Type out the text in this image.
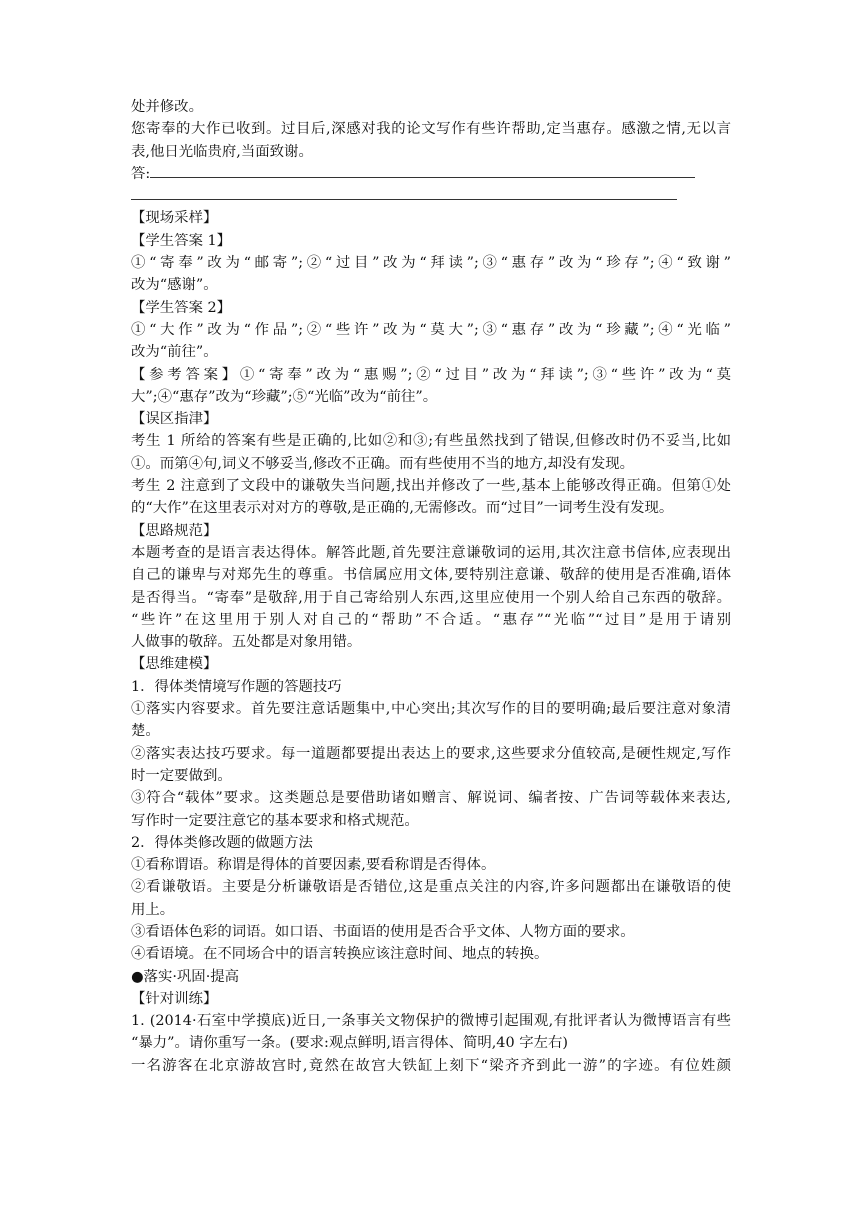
处并修改。
您寄奉的大作已收到。过目后,深感对我的论文写作有些许帮助,定当惠存。感激之情,无以言
表,他日光临贵府,当面致谢。
答:
【现场采样】
【学生答案 1】
①“寄奉”改为“邮寄”;②“过目”改为“拜读”;③“惠存”改为“珍存”;④“致谢”
改为“感谢”。
【学生答案 2】
①“大作”改为“作品”;②“些许”改为“莫大”;③“惠存”改为“珍藏”;④“光临”
改为“前往”。
【参考答案】①“寄奉”改为“惠赐”;②“过目”改为“拜读”;③“些许”改为“莫
大”;④“惠存”改为“珍藏”;⑤“光临”改为“前往”。
【误区指津】
考生 1 所给的答案有些是正确的,比如②和③;有些虽然找到了错误,但修改时仍不妥当,比如
①。而第④句,词义不够妥当,修改不正确。而有些使用不当的地方,却没有发现。
考生 2 注意到了文段中的谦敬失当问题,找出并修改了一些,基本上能够改得正确。但第①处
的“大作”在这里表示对对方的尊敬,是正确的,无需修改。而“过目”一词考生没有发现。
【思路规范】
本题考查的是语言表达得体。解答此题,首先要注意谦敬词的运用,其次注意书信体,应表现出
自己的谦卑与对郑先生的尊重。书信属应用文体,要特别注意谦、敬辞的使用是否准确,语体
是否得当。“寄奉”是敬辞,用于自己寄给别人东西,这里应使用一个别人给自己东西的敬辞。
“些许”在这里用于别人对自己的“帮助”不合适。“惠存”“光临”“过目”是用于请别
人做事的敬辞。五处都是对象用错。
【思维建模】
1．得体类情境写作题的答题技巧
①落实内容要求。首先要注意话题集中,中心突出;其次写作的目的要明确;最后要注意对象清
楚。
②落实表达技巧要求。每一道题都要提出表达上的要求,这些要求分值较高,是硬性规定,写作
时一定要做到。
③符合“载体”要求。这类题总是要借助诸如赠言、解说词、编者按、广告词等载体来表达,
写作时一定要注意它的基本要求和格式规范。
2．得体类修改题的做题方法
①看称谓语。称谓是得体的首要因素,要看称谓是否得体。
②看谦敬语。主要是分析谦敬语是否错位,这是重点关注的内容,许多问题都出在谦敬语的使
用上。
③看语体色彩的词语。如口语、书面语的使用是否合乎文体、人物方面的要求。
④看语境。在不同场合中的语言转换应该注意时间、地点的转换。
●落实·巩固·提高
【针对训练】
1. (2014·石室中学摸底)近日,一条事关文物保护的微博引起围观,有批评者认为微博语言有些
“暴力”。请你重写一条。(要求:观点鲜明,语言得体、简明,40 字左右)
一名游客在北京游故宫时,竟然在故宫大铁缸上刻下“梁齐齐到此一游”的字迹。有位姓颜
